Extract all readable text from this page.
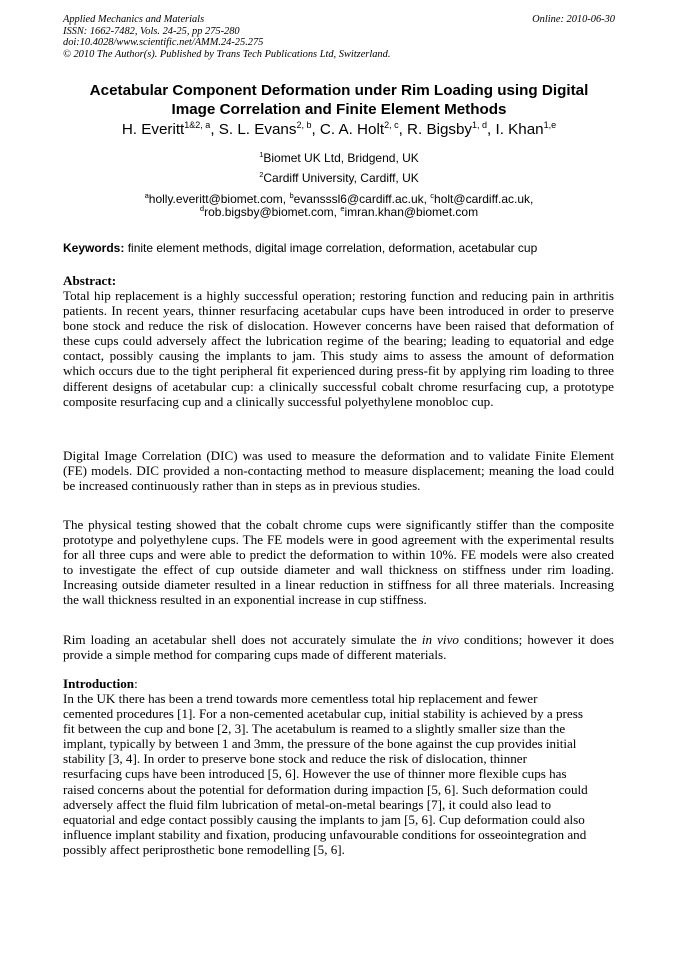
Applied Mechanics and Materials
ISSN: 1662-7482, Vols. 24-25, pp 275-280
doi:10.4028/www.scientific.net/AMM.24-25.275
© 2010 The Author(s). Published by Trans Tech Publications Ltd, Switzerland.
Online: 2010-06-30
Acetabular Component Deformation under Rim Loading using Digital
Image Correlation and Finite Element Methods
H. Everitt$^{1\&2, a}$, S. L. Evans$^{2, b}$, C. A. Holt$^{2, c}$, R. Bigsby$^{1, d}$, I. Khan$^{1,e}$
$^1$Biomet UK Ltd, Bridgend, UK
$^2$Cardiff University, Cardiff, UK
$^a$holly.everitt@biomet.com, $^b$evansssl6@cardiff.ac.uk, $^c$holt@cardiff.ac.uk,
$^d$rob.bigsby@biomet.com, $^e$imran.khan@biomet.com
Keywords: finite element methods, digital image correlation, deformation, acetabular cup
Abstract:
Total hip replacement is a highly successful operation; restoring function and reducing pain in arthritis patients. In recent years, thinner resurfacing acetabular cups have been introduced in order to preserve bone stock and reduce the risk of dislocation. However concerns have been raised that deformation of these cups could adversely affect the lubrication regime of the bearing; leading to equatorial and edge contact, possibly causing the implants to jam. This study aims to assess the amount of deformation which occurs due to the tight peripheral fit experienced during press-fit by applying rim loading to three different designs of acetabular cup: a clinically successful cobalt chrome resurfacing cup, a prototype composite resurfacing cup and a clinically successful polyethylene monobloc cup.
Digital Image Correlation (DIC) was used to measure the deformation and to validate Finite Element (FE) models. DIC provided a non-contacting method to measure displacement; meaning the load could be increased continuously rather than in steps as in previous studies.
The physical testing showed that the cobalt chrome cups were significantly stiffer than the composite prototype and polyethylene cups. The FE models were in good agreement with the experimental results for all three cups and were able to predict the deformation to within 10%. FE models were also created to investigate the effect of cup outside diameter and wall thickness on stiffness under rim loading. Increasing outside diameter resulted in a linear reduction in stiffness for all three materials. Increasing the wall thickness resulted in an exponential increase in cup stiffness.
Rim loading an acetabular shell does not accurately simulate the in vivo conditions; however it does provide a simple method for comparing cups made of different materials.
Introduction:
In the UK there has been a trend towards more cementless total hip replacement and fewer
cemented procedures [1]. For a non-cemented acetabular cup, initial stability is achieved by a press
fit between the cup and bone [2, 3]. The acetabulum is reamed to a slightly smaller size than the
implant, typically by between 1 and 3mm, the pressure of the bone against the cup provides initial
stability [3, 4]. In order to preserve bone stock and reduce the risk of dislocation, thinner
resurfacing cups have been introduced [5, 6]. However the use of thinner more flexible cups has
raised concerns about the potential for deformation during impaction [5, 6]. Such deformation could
adversely affect the fluid film lubrication of metal-on-metal bearings [7], it could also lead to
equatorial and edge contact possibly causing the implants to jam [5, 6]. Cup deformation could also
influence implant stability and fixation, producing unfavourable conditions for osseointegration and
possibly affect periprosthetic bone remodelling [5, 6].
